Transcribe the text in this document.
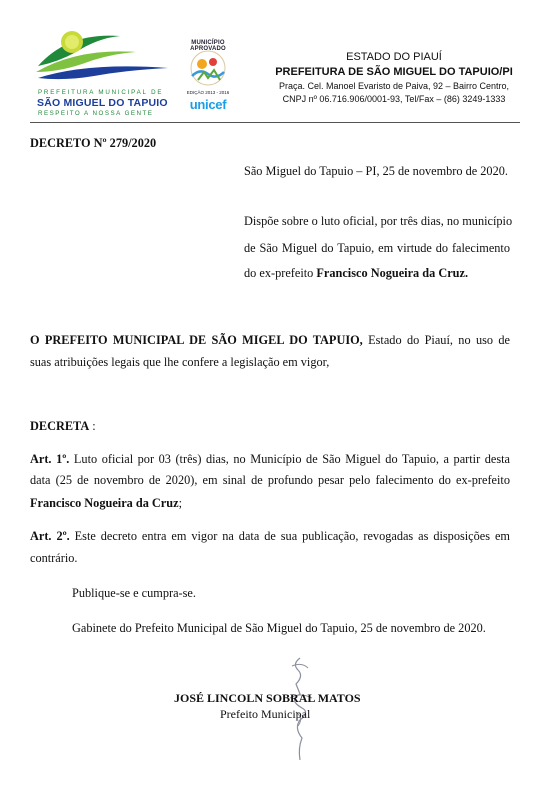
PREFEITURA MUNICIPAL DE
SÃO MIGUEL DO TAPUIO
RESPEITO A NOSSA GENTE
MUNICÍPIO APROVADO
EDIÇÃO 2013 - 2016
unicef
ESTADO DO PIAUÍ
PREFEITURA DE SÃO MIGUEL DO TAPUIO/PI
Praça. Cel. Manoel Evaristo de Paiva, 92 – Bairro Centro,
CNPJ nº 06.716.906/0001-93, Tel/Fax – (86) 3249-1333
DECRETO Nº 279/2020
São Miguel do Tapuio – PI, 25 de novembro de 2020.
Dispõe sobre o luto oficial, por três dias, no município
de São Miguel do Tapuio, em virtude do falecimento
do ex-prefeito Francisco Nogueira da Cruz.
O PREFEITO MUNICIPAL DE SÃO MIGEL DO TAPUIO, Estado do Piauí, no uso de
suas atribuições legais que lhe confere a legislação em vigor,
DECRETA :
Art. 1º. Luto oficial por 03 (três) dias, no Município de São Miguel do Tapuio, a partir desta
data (25 de novembro de 2020), em sinal de profundo pesar pelo falecimento do ex-prefeito
Francisco Nogueira da Cruz;
Art. 2º. Este decreto entra em vigor na data de sua publicação, revogadas as disposições em
contrário.
Publique-se e cumpra-se.
Gabinete do Prefeito Municipal de São Miguel do Tapuio, 25 de novembro de 2020.
JOSÉ LINCOLN SOBRAL MATOS
Prefeito Municipal
